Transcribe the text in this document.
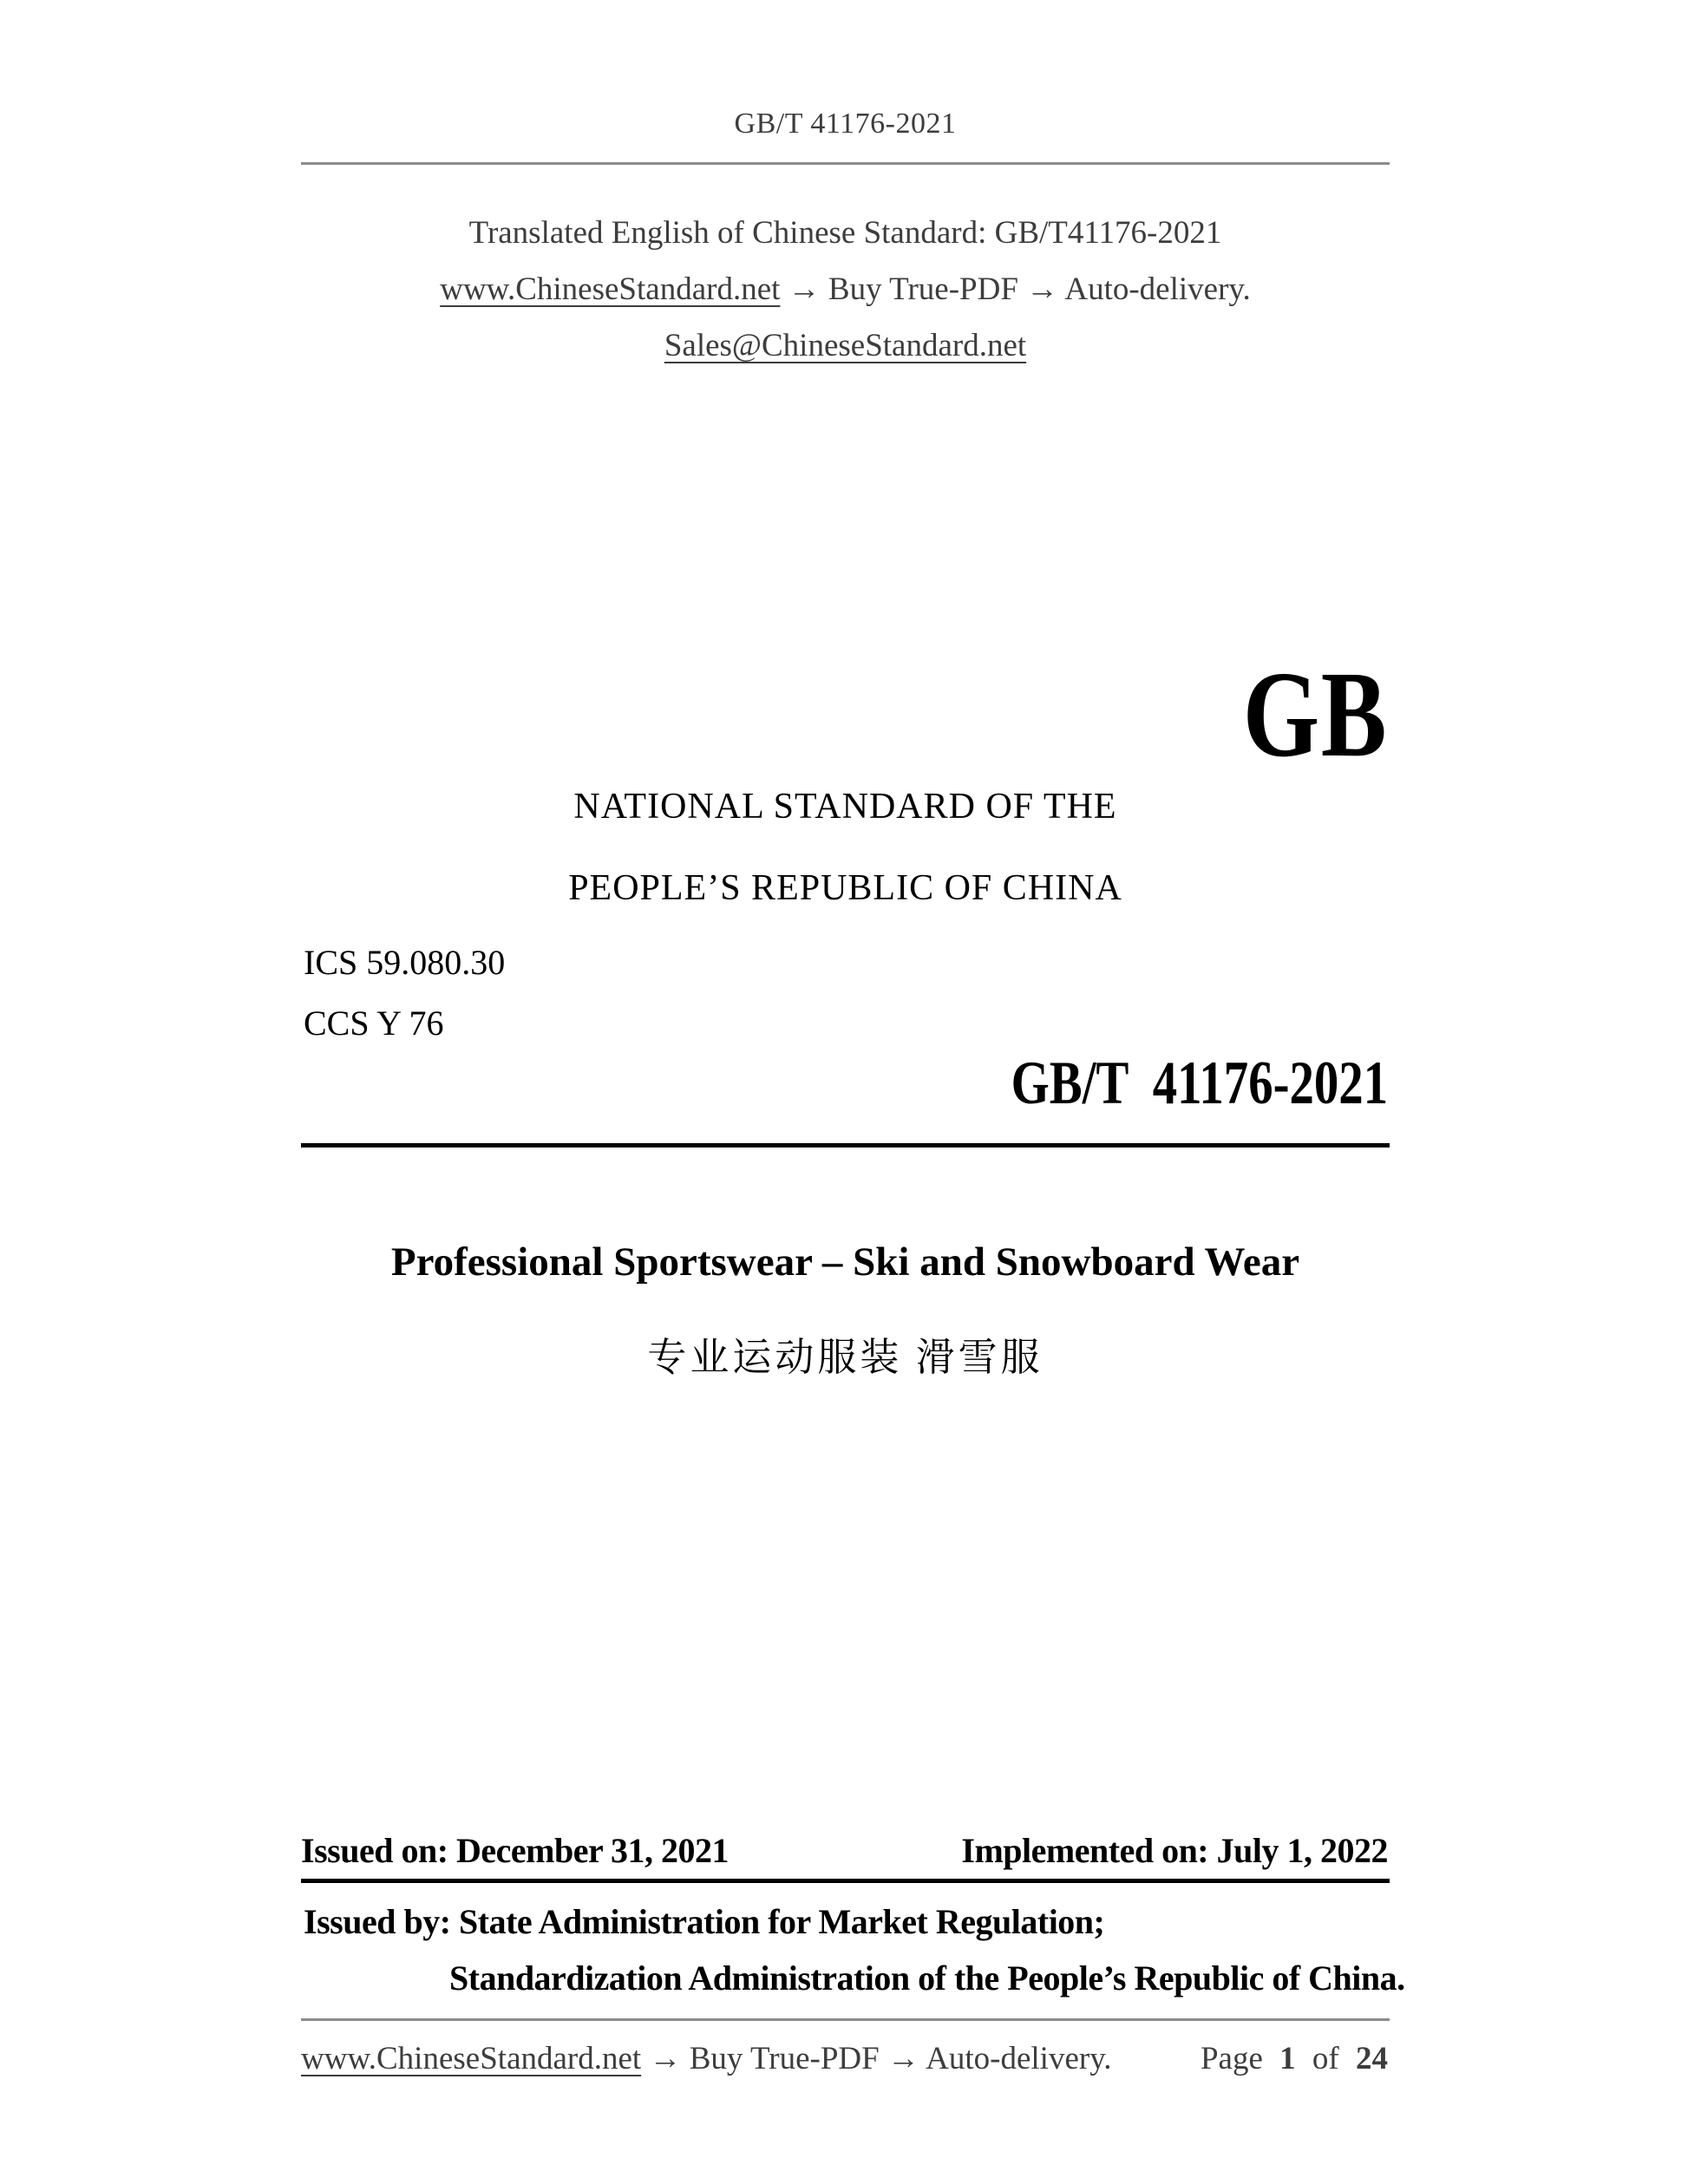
GB/T 41176-2021
Translated English of Chinese Standard: GB/T41176-2021
www.ChineseStandard.net → Buy True-PDF → Auto-delivery.
Sales@ChineseStandard.net
GB
NATIONAL STANDARD OF THE
PEOPLE’S REPUBLIC OF CHINA
ICS 59.080.30
CCS Y 76
GB/T  41176-2021
Professional Sportswear – Ski and Snowboard Wear
专业运动服装 滑雪服
Issued on: December 31, 2021	Implemented on: July 1, 2022
Issued by: State Administration for Market Regulation;
Standardization Administration of the People’s Republic of China.
www.ChineseStandard.net → Buy True-PDF → Auto-delivery.	Page 1 of 24
